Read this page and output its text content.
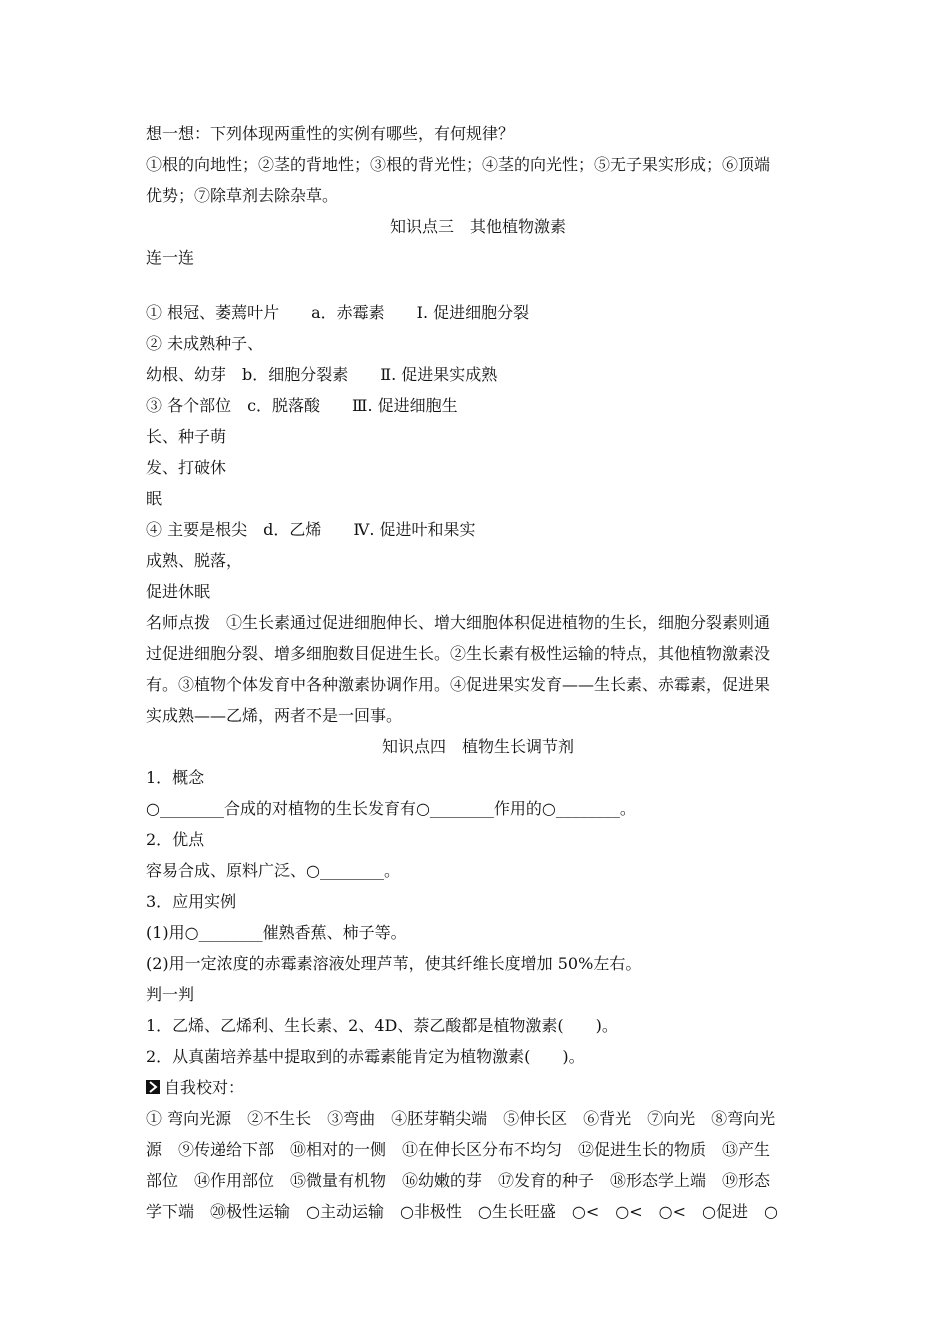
想一想：下列体现两重性的实例有哪些，有何规律？
①根的向地性；②茎的背地性；③根的背光性；④茎的向光性；⑤无子果实形成；⑥顶端
优势；⑦除草剂去除杂草。
知识点三　其他植物激素
连一连
① 根冠、萎蔫叶片　　a．赤霉素　　Ⅰ. 促进细胞分裂
② 未成熟种子、
幼根、幼芽　b．细胞分裂素　　Ⅱ. 促进果实成熟
③ 各个部位　c．脱落酸　　Ⅲ. 促进细胞生
长、种子萌
发、打破休
眠
④ 主要是根尖　d．乙烯　　Ⅳ. 促进叶和果实
成熟、脱落，
促进休眠
名师点拨　①生长素通过促进细胞伸长、增大细胞体积促进植物的生长，细胞分裂素则通
过促进细胞分裂、增多细胞数目促进生长。②生长素有极性运输的特点，其他植物激素没
有。③植物个体发育中各种激素协调作用。④促进果实发育——生长素、赤霉素，促进果
实成熟——乙烯，两者不是一回事。
知识点四　植物生长调节剂
1．概念
○________合成的对植物的生长发育有○________作用的○________。
2．优点
容易合成、原料广泛、○________。
3．应用实例
(1)用○________催熟香蕉、柿子等。
(2)用一定浓度的赤霉素溶液处理芦苇，使其纤维长度增加 50%左右。
判一判
1．乙烯、乙烯利、生长素、2、4D、萘乙酸都是植物激素(　　)。
2．从真菌培养基中提取到的赤霉素能肯定为植物激素(　　)。
自我校对：
① 弯向光源　②不生长　③弯曲　④胚芽鞘尖端　⑤伸长区　⑥背光　⑦向光　⑧弯向光
源　⑨传递给下部　⑩相对的一侧　⑪在伸长区分布不均匀　⑫促进生长的物质　⑬产生
部位　⑭作用部位　⑮微量有机物　⑯幼嫩的芽　⑰发育的种子　⑱形态学上端　⑲形态
学下端　⑳极性运输　○主动运输　○非极性　○生长旺盛　○<　○<　○<　○促进　○
